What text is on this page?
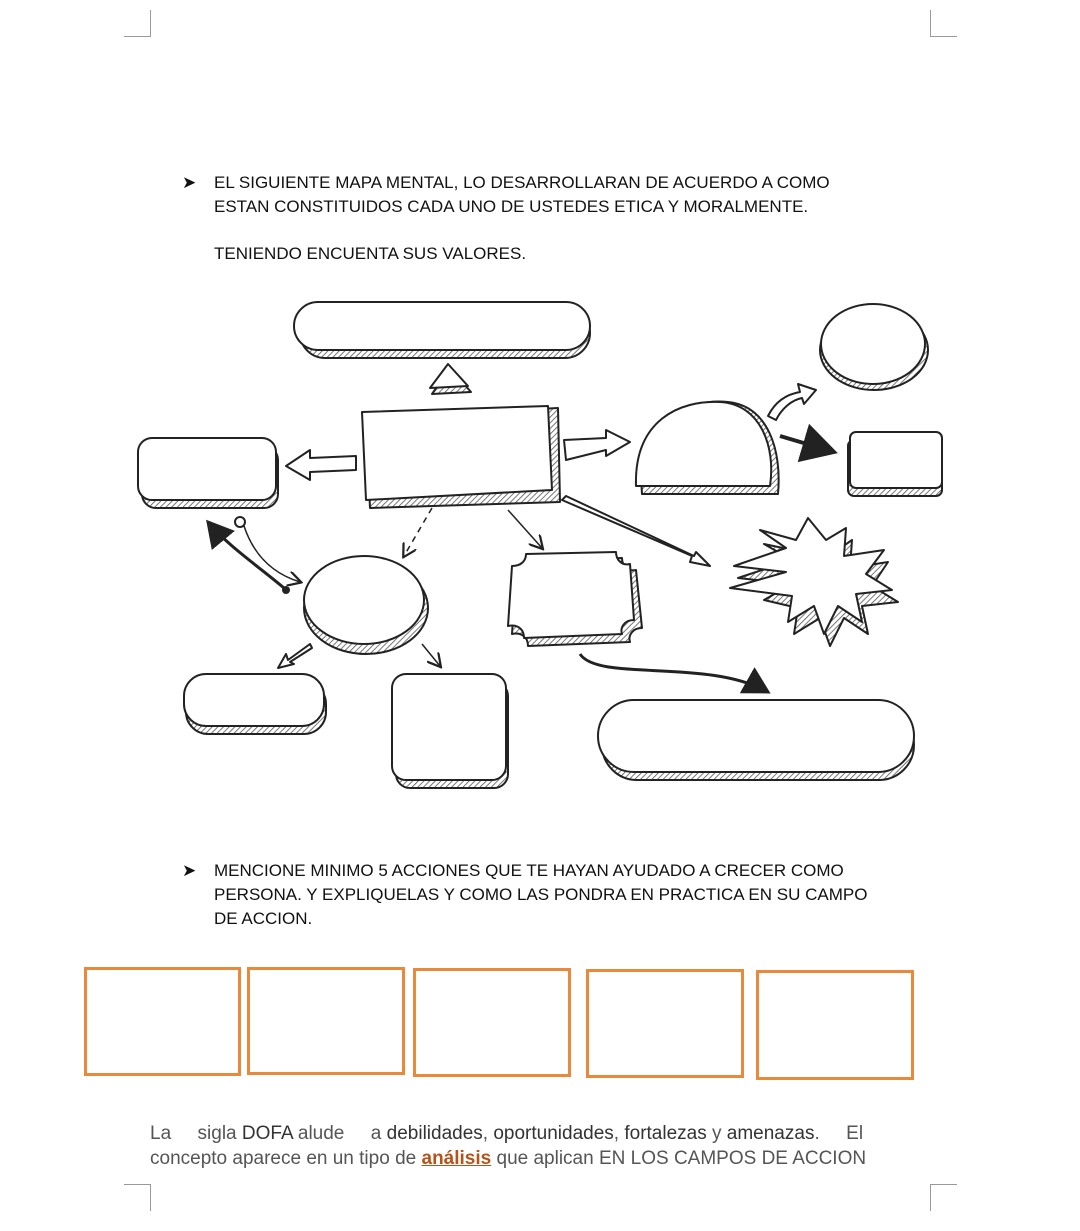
➤ EL SIGUIENTE MAPA MENTAL, LO DESARROLLARAN DE ACUERDO A COMO

ESTAN CONSTITUIDOS CADA UNO DE USTEDES ETICA Y MORALMENTE.

TENIENDO ENCUENTA SUS VALORES.

➤ MENCIONE MINIMO 5 ACCIONES QUE TE HAYAN AYUDADO A CRECER COMO

PERSONA. Y EXPLIQUELAS Y COMO LAS PONDRA EN PRACTICA EN SU CAMPO

DE ACCION.

La sigla DOFA alude a debilidades, oportunidades, fortalezas y amenazas. El

concepto aparece en un tipo de análisis que aplican EN LOS CAMPOS DE ACCION
